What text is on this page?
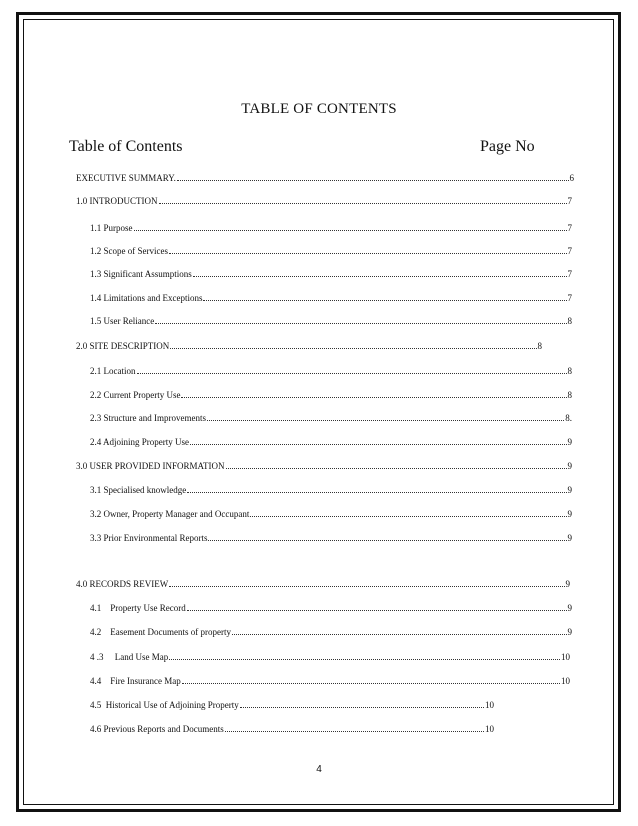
TABLE OF CONTENTS
Table of Contents	Page No
EXECUTIVE SUMMARY.	6
1.0 INTRODUCTION	7
1.1 Purpose	7
1.2 Scope of Services	7
1.3 Significant Assumptions	7
1.4 Limitations and Exceptions	7
1.5 User Reliance	8
2.0 SITE DESCRIPTION	8
2.1 Location	8
2.2 Current Property Use	8
2.3 Structure and Improvements	8.
2.4 Adjoining Property Use	9
3.0 USER PROVIDED INFORMATION	9
3.1 Specialised knowledge	9
3.2 Owner, Property Manager and Occupant	9
3.3 Prior Environmental Reports	9
4.0 RECORDS REVIEW	9
4.1    Property Use Record	9
4.2    Easement Documents of property	9
4 .3     Land Use Map	10
4.4    Fire Insurance Map	10
4.5  Historical Use of Adjoining Property	10
4.6 Previous Reports and Documents	10
4
